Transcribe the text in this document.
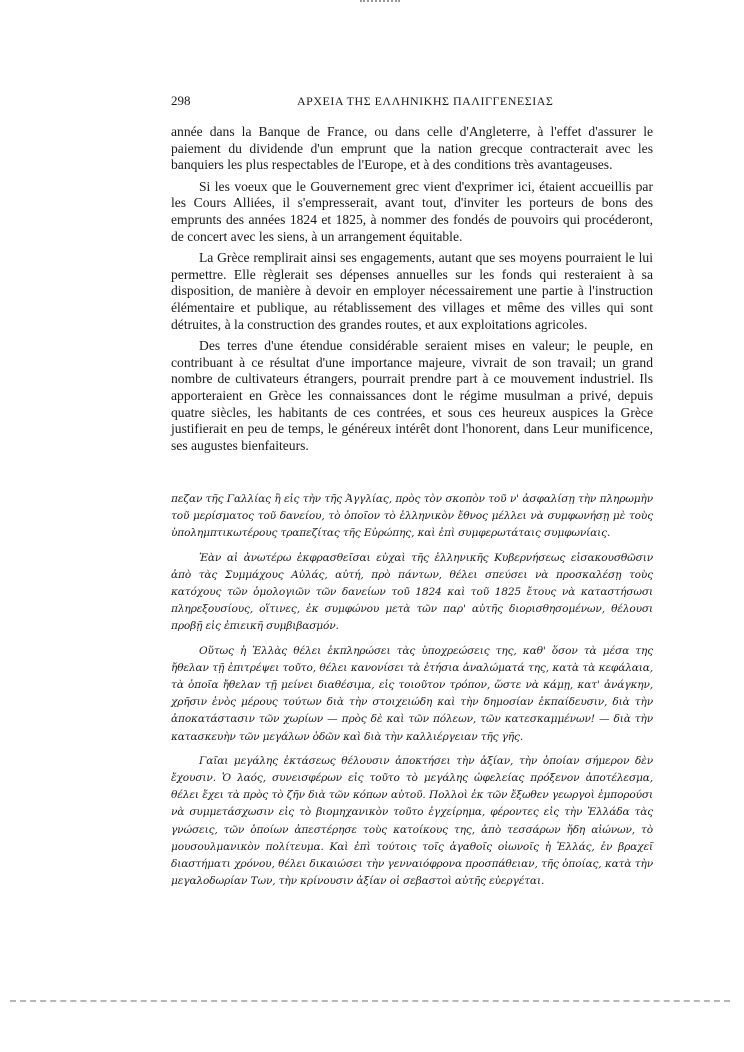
298	ΑΡΧΕΙΑ ΤΗΣ ΕΛΛΗΝΙΚΗΣ ΠΑΛΙΓΓΕΝΕΣΙΑΣ

année dans la Banque de France, ou dans celle d'Angleterre, à l'effet d'assurer le paiement du dividende d'un emprunt que la nation grecque contracterait avec les banquiers les plus respectables de l'Europe, et à des conditions très avantageuses.

Si les voeux que le Gouvernement grec vient d'exprimer ici, étaient accueillis par les Cours Alliées, il s'empresserait, avant tout, d'inviter les porteurs de bons des emprunts des années 1824 et 1825, à nommer des fondés de pouvoirs qui procéderont, de concert avec les siens, à un arrangement équitable.

La Grèce remplirait ainsi ses engagements, autant que ses moyens pourraient le lui permettre. Elle règlerait ses dépenses annuelles sur les fonds qui resteraient à sa disposition, de manière à devoir en employer nécessairement une partie à l'instruction élémentaire et publique, au rétablissement des villages et même des villes qui sont détruites, à la construction des grandes routes, et aux exploitations agricoles.

Des terres d'une étendue considérable seraient mises en valeur; le peuple, en contribuant à ce résultat d'une importance majeure, vivrait de son travail; un grand nombre de cultivateurs étrangers, pourrait prendre part à ce mouvement industriel. Ils apporteraient en Grèce les connaissances dont le régime musulman a privé, depuis quatre siècles, les habitants de ces contrées, et sous ces heureux auspices la Grèce justifierait en peu de temps, le généreux intérêt dont l'honorent, dans Leur munificence, ses augustes bienfaiteurs.

πεζαν τῆς Γαλλίας ἢ εἰς τὴν τῆς Ἀγγλίας, πρὸς τὸν σκοπὸν τοῦ ν' ἀσφαλίσῃ τὴν πληρωμὴν τοῦ μερίσματος τοῦ δανείου, τὸ ὁποῖον τὸ ἑλληνικὸν ἔθνος μέλλει νὰ συμφωνήσῃ μὲ τοὺς ὑπολημπτικωτέρους τραπεζίτας τῆς Εὐρώπης, καὶ ἐπὶ συμφερωτάταις συμφωνίαις.

Ἐὰν αἱ ἀνωτέρω ἐκφρασθεῖσαι εὐχαὶ τῆς ἑλληνικῆς Κυβερνήσεως εἰσακουσθῶσιν ἀπὸ τὰς Συμμάχους Αὐλάς, αὐτή, πρὸ πάντων, θέλει σπεύσει νὰ προσκαλέσῃ τοὺς κατόχους τῶν ὁμολογιῶν τῶν δανείων τοῦ 1824 καὶ τοῦ 1825 ἔτους νὰ καταστήσωσι πληρεξουσίους, οἵτινες, ἐκ συμφώνου μετὰ τῶν παρ' αὐτῆς διορισθησομένων, θέλουσι προβῇ εἰς ἐπιεικῆ συμβιβασμόν.

Οὕτως ἡ Ἑλλὰς θέλει ἐκπληρώσει τὰς ὑποχρεώσεις της, καθ' ὅσον τὰ μέσα της ἤθελαν τῇ ἐπιτρέψει τοῦτο, θέλει κανονίσει τὰ ἐτήσια ἀναλώματά της, κατὰ τὰ κεφάλαια, τὰ ὁποῖα ἤθελαν τῇ μείνει διαθέσιμα, εἰς τοιοῦτον τρόπον, ὥστε νὰ κάμῃ, κατ' ἀνάγκην, χρῆσιν ἑνὸς μέρους τούτων διὰ τὴν στοιχειώδη καὶ τὴν δημοσίαν ἐκπαίδευσιν, διὰ τὴν ἀποκατάστασιν τῶν χωρίων — πρὸς δὲ καὶ τῶν πόλεων, τῶν κατεσκαμμένων! — διὰ τὴν κατασκευὴν τῶν μεγάλων ὁδῶν καὶ διὰ τὴν καλλιέργειαν τῆς γῆς.

Γαῖαι μεγάλης ἐκτάσεως θέλουσιν ἀποκτήσει τὴν ἀξίαν, τὴν ὁποίαν σήμερον δὲν ἔχουσιν. Ὁ λαός, συνεισφέρων εἰς τοῦτο τὸ μεγάλης ὠφελείας πρόξενον ἀποτέλεσμα, θέλει ἔχει τὰ πρὸς τὸ ζῆν διὰ τῶν κόπων αὐτοῦ. Πολλοὶ ἐκ τῶν ἔξωθεν γεωργοὶ ἐμπορούσι νὰ συμμετάσχωσιν εἰς τὸ βιομηχανικὸν τοῦτο ἐγχείρημα, φέροντες εἰς τὴν Ἑλλάδα τὰς γνώσεις, τῶν ὁποίων ἀπεστέρησε τοὺς κατοίκους της, ἀπὸ τεσσάρων ἤδη αἰώνων, τὸ μουσουλμανικὸν πολίτευμα. Καὶ ἐπὶ τούτοις τοῖς ἀγαθοῖς οἰωνοῖς ἡ Ἑλλάς, ἐν βραχεῖ διαστήματι χρόνου, θέλει δικαιώσει τὴν γενναιόφρονα προσπάθειαν, τῆς ὁποίας, κατὰ τὴν μεγαλοδωρίαν Των, τὴν κρίνουσιν ἀξίαν οἱ σεβαστοὶ αὐτῆς εὐεργέται.
